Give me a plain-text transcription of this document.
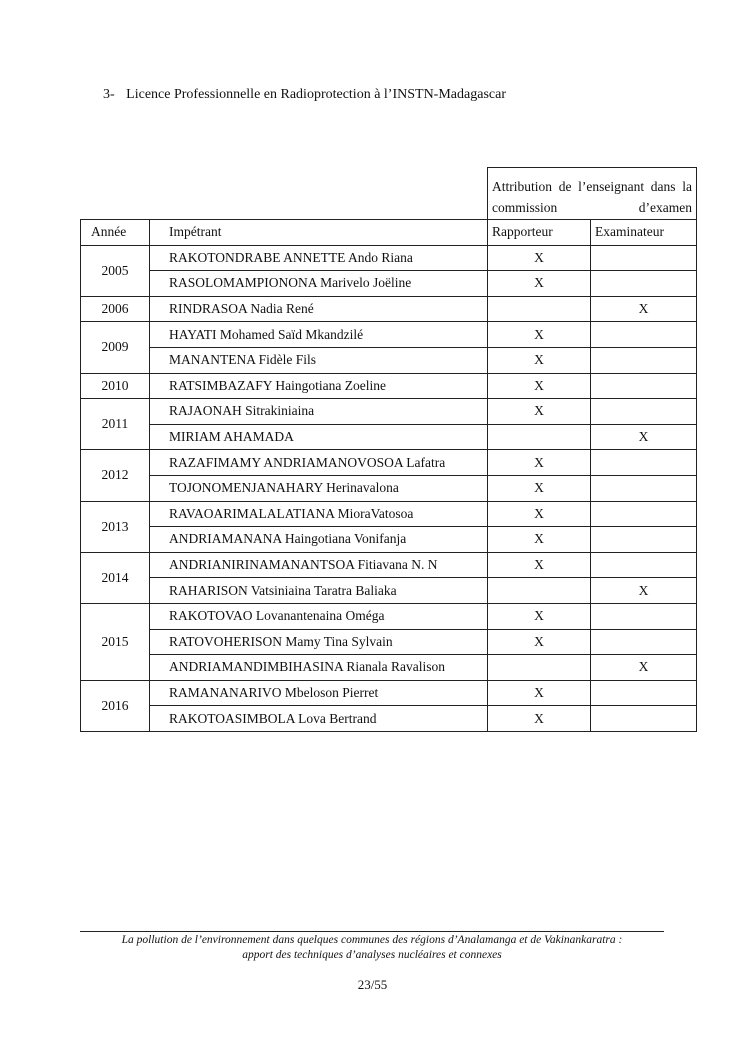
3- Licence Professionnelle en Radioprotection à l’INSTN-Madagascar
		Attribution de l’enseignant dans la commission d’examen	
Année	Impétrant	Rapporteur	Examinateur
2005	RAKOTONDRABE ANNETTE Ando Riana	X	
	RASOLOMAMPIONONA Marivelo Joëline	X	
2006	RINDRASOA Nadia René		X
2009	HAYATI Mohamed Saïd Mkandzilé	X	
	MANANTENA Fidèle Fils	X	
2010	RATSIMBAZAFY Haingotiana Zoeline	X	
2011	RAJAONAH Sitrakiniaina	X	
	MIRIAM AHAMADA		X
2012	RAZAFIMAMY ANDRIAMANOVOSOA Lafatra	X	
	TOJONOMENJANAHARY Herinavalona	X	
2013	RAVAOARIMALALATIANA MioraVatosoa	X	
	ANDRIAMANANA Haingotiana Vonifanja	X	
2014	ANDRIANIRINAMANANTSOA Fitiavana N. N	X	
	RAHARISON Vatsiniaina Taratra Baliaka		X
2015	RAKOTOVAO Lovanantenaina Oméga	X	
	RATOVOHERISON Mamy Tina Sylvain	X	
	ANDRIAMANDIMBIHASINA Rianala Ravalison		X
2016	RAMANANARIVO Mbeloson Pierret	X	
	RAKOTOASIMBOLA Lova Bertrand	X	
La pollution de l’environnement dans quelques communes des régions d’Analamanga et de Vakinankaratra :
apport des techniques d’analyses nucléaires et connexes
23/55
